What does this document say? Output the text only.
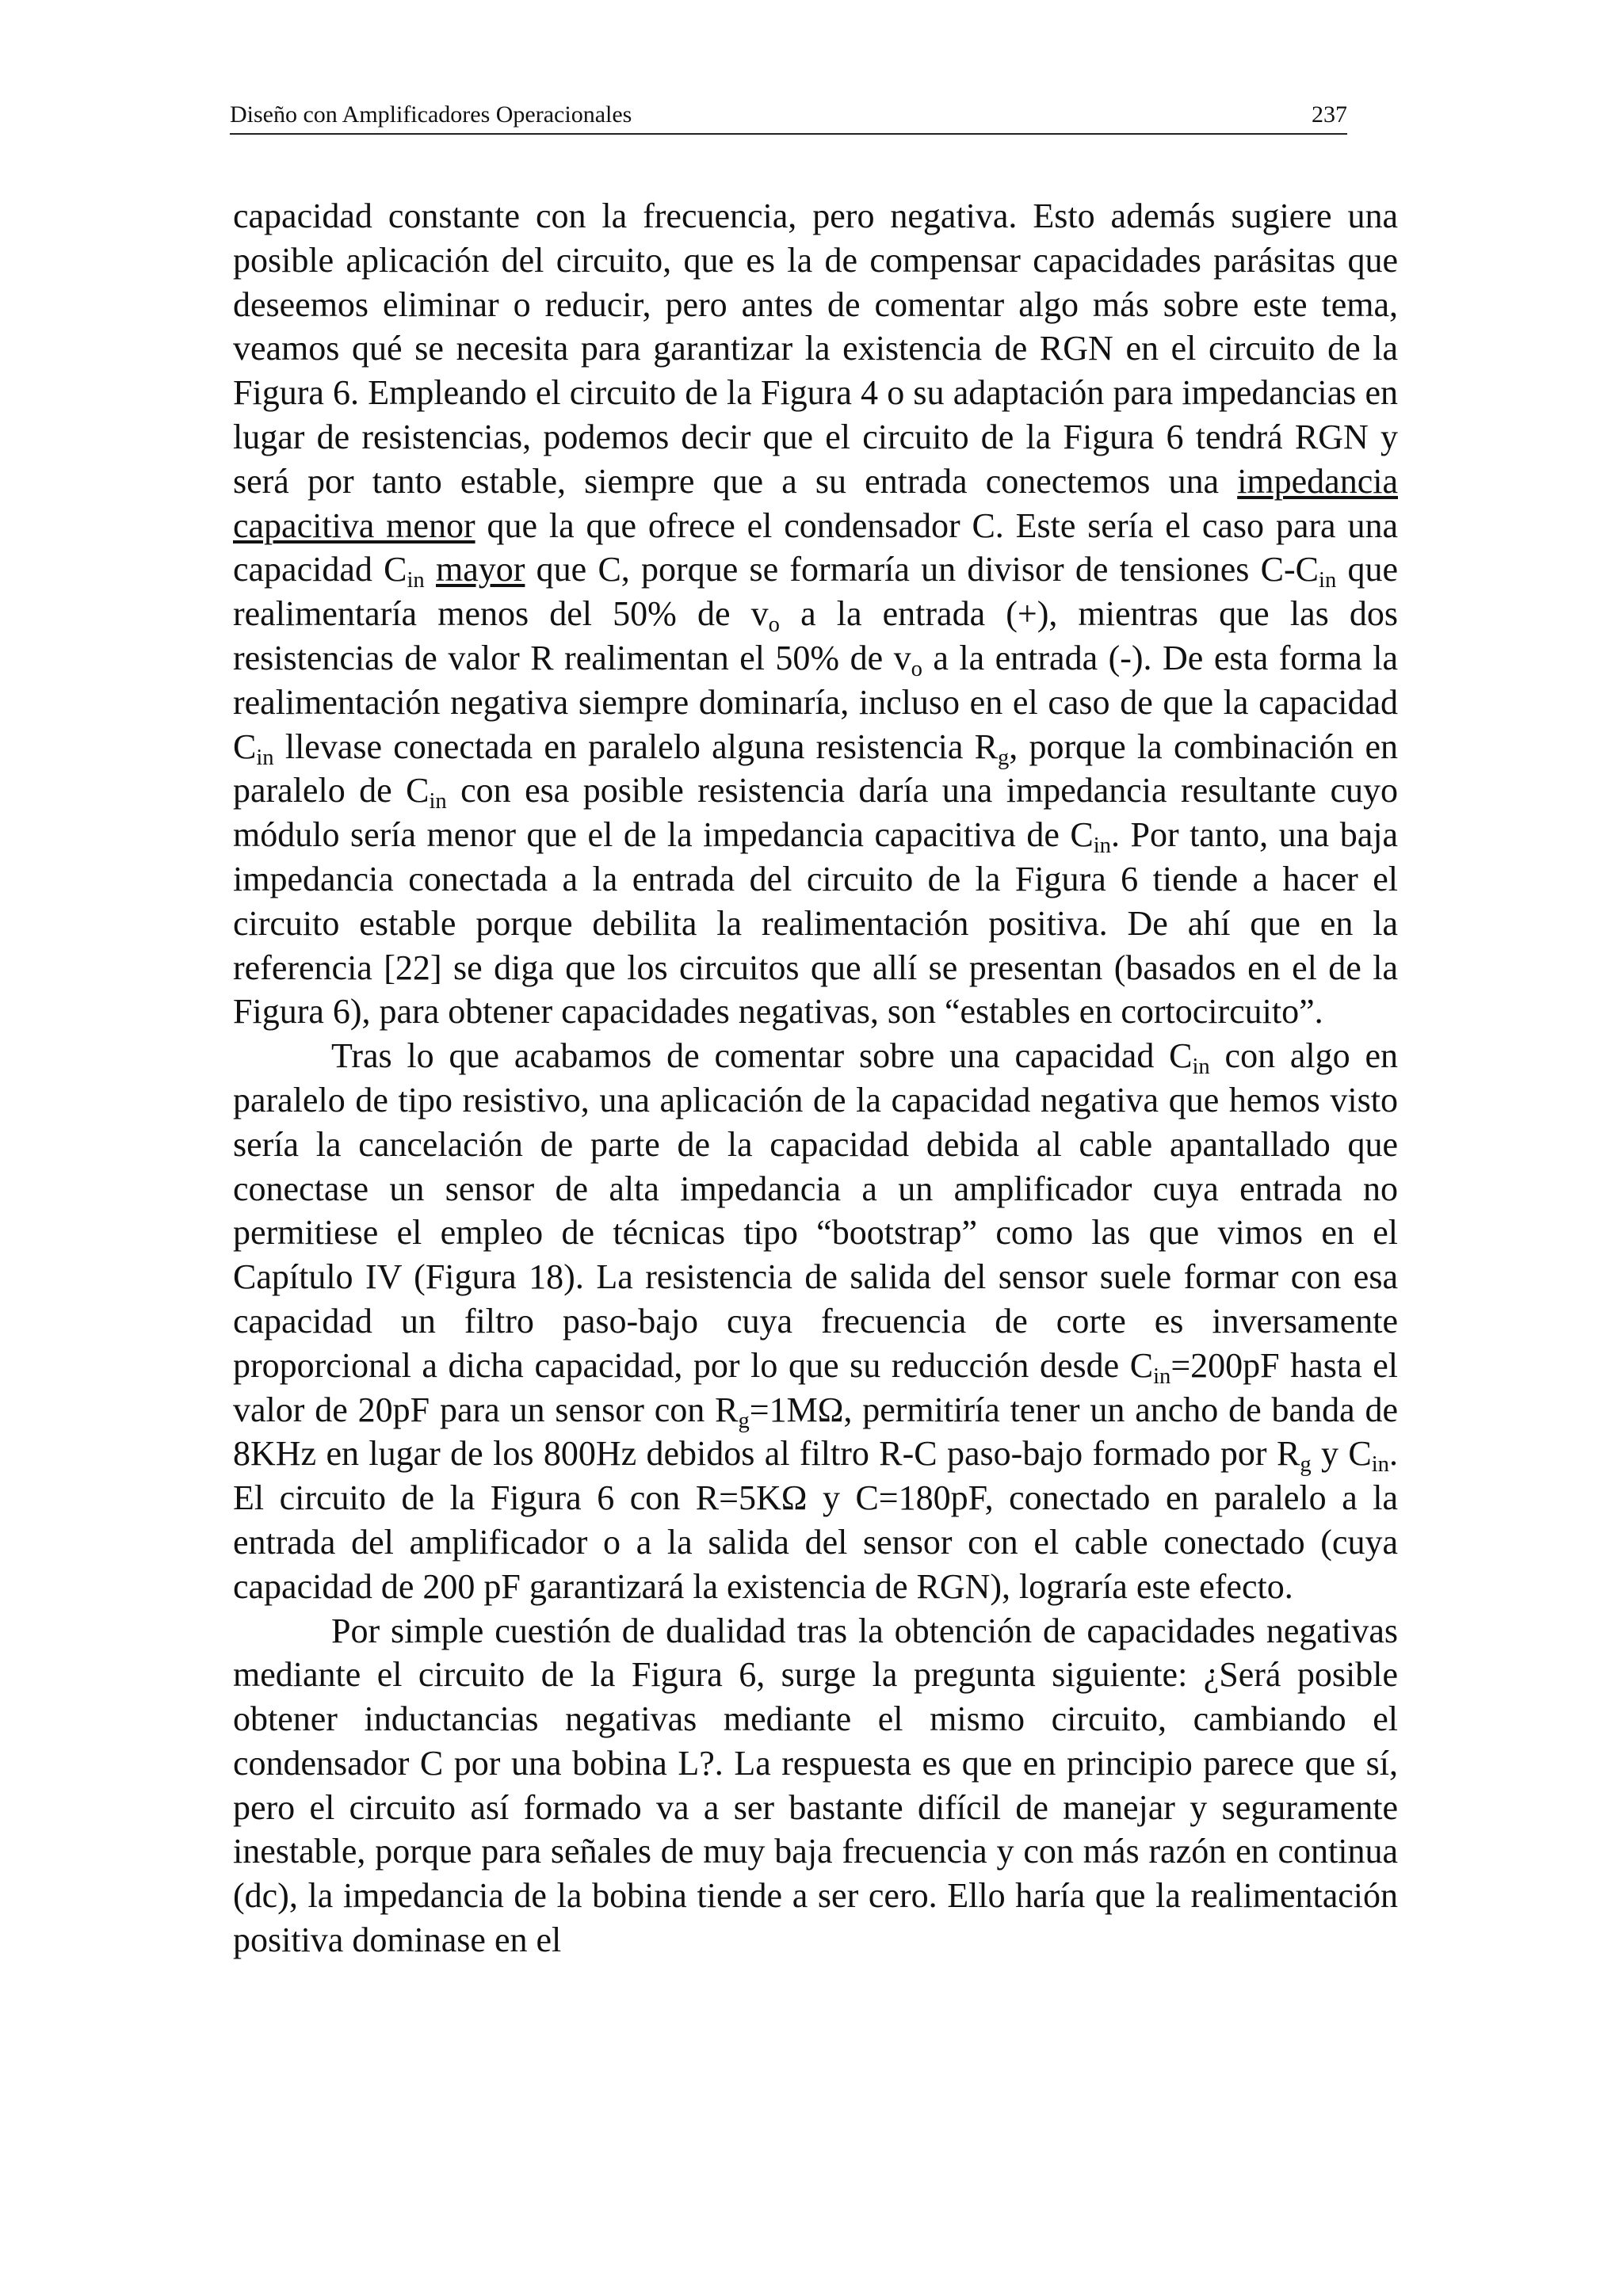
Diseño con Amplificadores Operacionales	237

capacidad constante con la frecuencia, pero negativa. Esto además sugiere una posible aplicación del circuito, que es la de compensar capacidades parásitas que deseemos eliminar o reducir, pero antes de comentar algo más sobre este tema, veamos qué se necesita para garantizar la existencia de RGN en el circuito de la Figura 6. Empleando el circuito de la Figura 4 o su adaptación para impedancias en lugar de resistencias, podemos decir que el circuito de la Figura 6 tendrá RGN y será por tanto estable, siempre que a su entrada conectemos una impedancia capacitiva menor que la que ofrece el condensador C. Este sería el caso para una capacidad $C_{in}$ mayor que C, porque se formaría un divisor de tensiones $C-C_{in}$ que realimentaría menos del 50% de $v_o$ a la entrada (+), mientras que las dos resistencias de valor R realimentan el 50% de $v_o$ a la entrada (-). De esta forma la realimentación negativa siempre dominaría, incluso en el caso de que la capacidad $C_{in}$ llevase conectada en paralelo alguna resistencia $R_g$, porque la combinación en paralelo de $C_{in}$ con esa posible resistencia daría una impedancia resultante cuyo módulo sería menor que el de la impedancia capacitiva de $C_{in}$. Por tanto, una baja impedancia conectada a la entrada del circuito de la Figura 6 tiende a hacer el circuito estable porque debilita la realimentación positiva. De ahí que en la referencia [22] se diga que los circuitos que allí se presentan (basados en el de la Figura 6), para obtener capacidades negativas, son “estables en cortocircuito”.

Tras lo que acabamos de comentar sobre una capacidad $C_{in}$ con algo en paralelo de tipo resistivo, una aplicación de la capacidad negativa que hemos visto sería la cancelación de parte de la capacidad debida al cable apantallado que conectase un sensor de alta impedancia a un amplificador cuya entrada no permitiese el empleo de técnicas tipo “bootstrap” como las que vimos en el Capítulo IV (Figura 18). La resistencia de salida del sensor suele formar con esa capacidad un filtro paso-bajo cuya frecuencia de corte es inversamente proporcional a dicha capacidad, por lo que su reducción desde $C_{in}=200pF$ hasta el valor de 20pF para un sensor con $R_g=1M\Omega$, permitiría tener un ancho de banda de 8KHz en lugar de los 800Hz debidos al filtro R-C paso-bajo formado por $R_g$ y $C_{in}$. El circuito de la Figura 6 con R=5KΩ y C=180pF, conectado en paralelo a la entrada del amplificador o a la salida del sensor con el cable conectado (cuya capacidad de 200 pF garantizará la existencia de RGN), lograría este efecto.

Por simple cuestión de dualidad tras la obtención de capacidades negativas mediante el circuito de la Figura 6, surge la pregunta siguiente: ¿Será posible obtener inductancias negativas mediante el mismo circuito, cambiando el condensador C por una bobina L?. La respuesta es que en principio parece que sí, pero el circuito así formado va a ser bastante difícil de manejar y seguramente inestable, porque para señales de muy baja frecuencia y con más razón en continua (dc), la impedancia de la bobina tiende a ser cero. Ello haría que la realimentación positiva dominase en el
